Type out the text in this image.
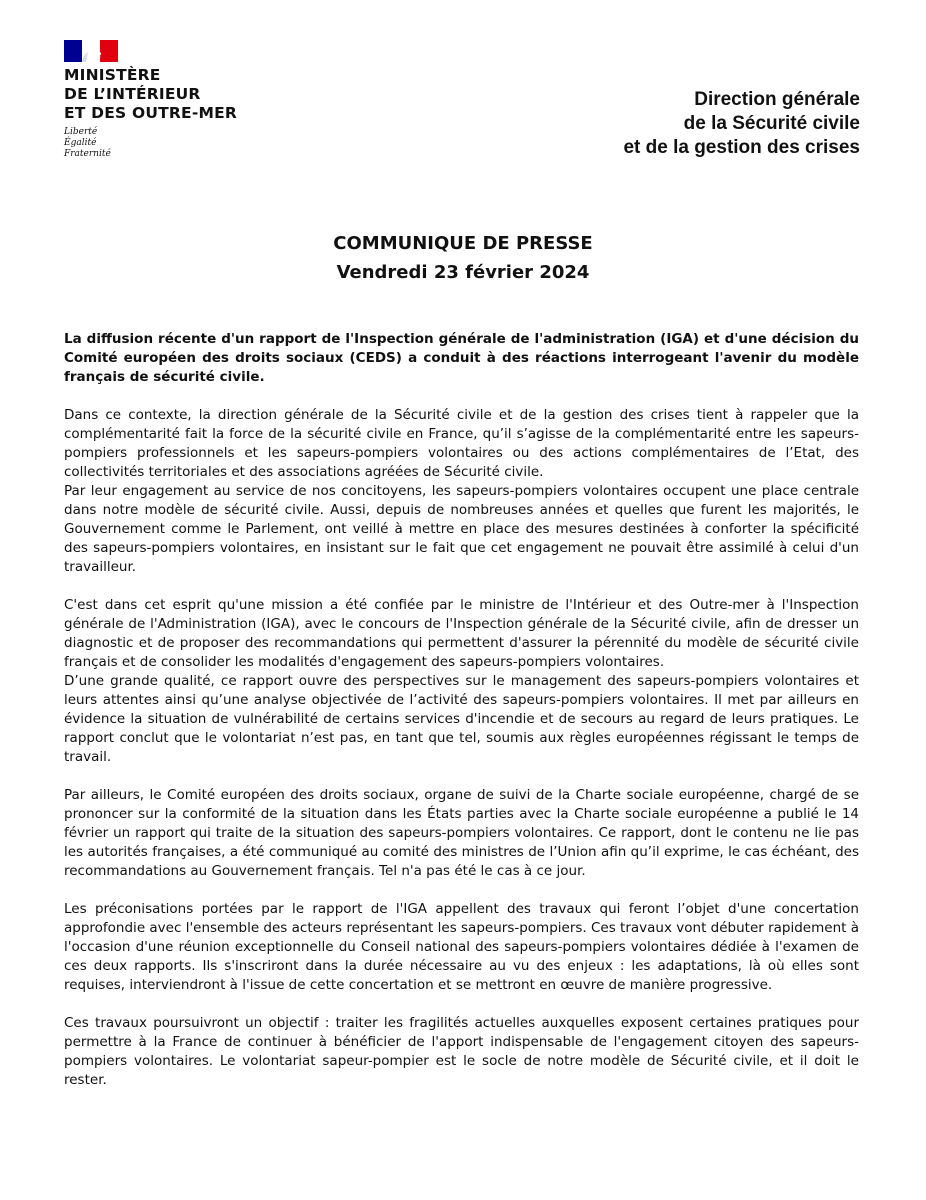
MINISTÈRE
DE L’INTÉRIEUR
ET DES OUTRE-MER
Liberté
Égalité
Fraternité
Direction générale
de la Sécurité civile
et de la gestion des crises
COMMUNIQUE DE PRESSE
Vendredi 23 février 2024

La diffusion récente d'un rapport de l'Inspection générale de l'administration (IGA) et d'une décision du Comité européen des droits sociaux (CEDS) a conduit à des réactions interrogeant l'avenir du modèle français de sécurité civile.

Dans ce contexte, la direction générale de la Sécurité civile et de la gestion des crises tient à rappeler que la complémentarité fait la force de la sécurité civile en France, qu’il s’agisse de la complémentarité entre les sapeurs-pompiers professionnels et les sapeurs-pompiers volontaires ou des actions complémentaires de l’Etat, des collectivités territoriales et des associations agréées de Sécurité civile.

Par leur engagement au service de nos concitoyens, les sapeurs-pompiers volontaires occupent une place centrale dans notre modèle de sécurité civile. Aussi, depuis de nombreuses années et quelles que furent les majorités, le Gouvernement comme le Parlement, ont veillé à mettre en place des mesures destinées à conforter la spécificité des sapeurs-pompiers volontaires, en insistant sur le fait que cet engagement ne pouvait être assimilé à celui d'un travailleur.

C'est dans cet esprit qu'une mission a été confiée par le ministre de l'Intérieur et des Outre-mer à l'Inspection générale de l'Administration (IGA), avec le concours de l'Inspection générale de la Sécurité civile, afin de dresser un diagnostic et de proposer des recommandations qui permettent d'assurer la pérennité du modèle de sécurité civile français et de consolider les modalités d'engagement des sapeurs-pompiers volontaires.

D’une grande qualité, ce rapport ouvre des perspectives sur le management des sapeurs-pompiers volontaires et leurs attentes ainsi qu’une analyse objectivée de l’activité des sapeurs-pompiers volontaires. Il met par ailleurs en évidence la situation de vulnérabilité de certains services d'incendie et de secours au regard de leurs pratiques. Le rapport conclut que le volontariat n’est pas, en tant que tel, soumis aux règles européennes régissant le temps de travail.

Par ailleurs, le Comité européen des droits sociaux, organe de suivi de la Charte sociale européenne, chargé de se prononcer sur la conformité de la situation dans les États parties avec la Charte sociale européenne a publié le 14 février un rapport qui traite de la situation des sapeurs-pompiers volontaires. Ce rapport, dont le contenu ne lie pas les autorités françaises, a été communiqué au comité des ministres de l’Union afin qu’il exprime, le cas échéant, des recommandations au Gouvernement français. Tel n'a pas été le cas à ce jour.

Les préconisations portées par le rapport de l'IGA appellent des travaux qui feront l’objet d'une concertation approfondie avec l'ensemble des acteurs représentant les sapeurs-pompiers. Ces travaux vont débuter rapidement à l'occasion d'une réunion exceptionnelle du Conseil national des sapeurs-pompiers volontaires dédiée à l'examen de ces deux rapports. Ils s'inscriront dans la durée nécessaire au vu des enjeux : les adaptations, là où elles sont requises, interviendront à l'issue de cette concertation et se mettront en œuvre de manière progressive.

Ces travaux poursuivront un objectif : traiter les fragilités actuelles auxquelles exposent certaines pratiques pour permettre à la France de continuer à bénéficier de l'apport indispensable de l'engagement citoyen des sapeurs-pompiers volontaires. Le volontariat sapeur-pompier est le socle de notre modèle de Sécurité civile, et il doit le rester.
